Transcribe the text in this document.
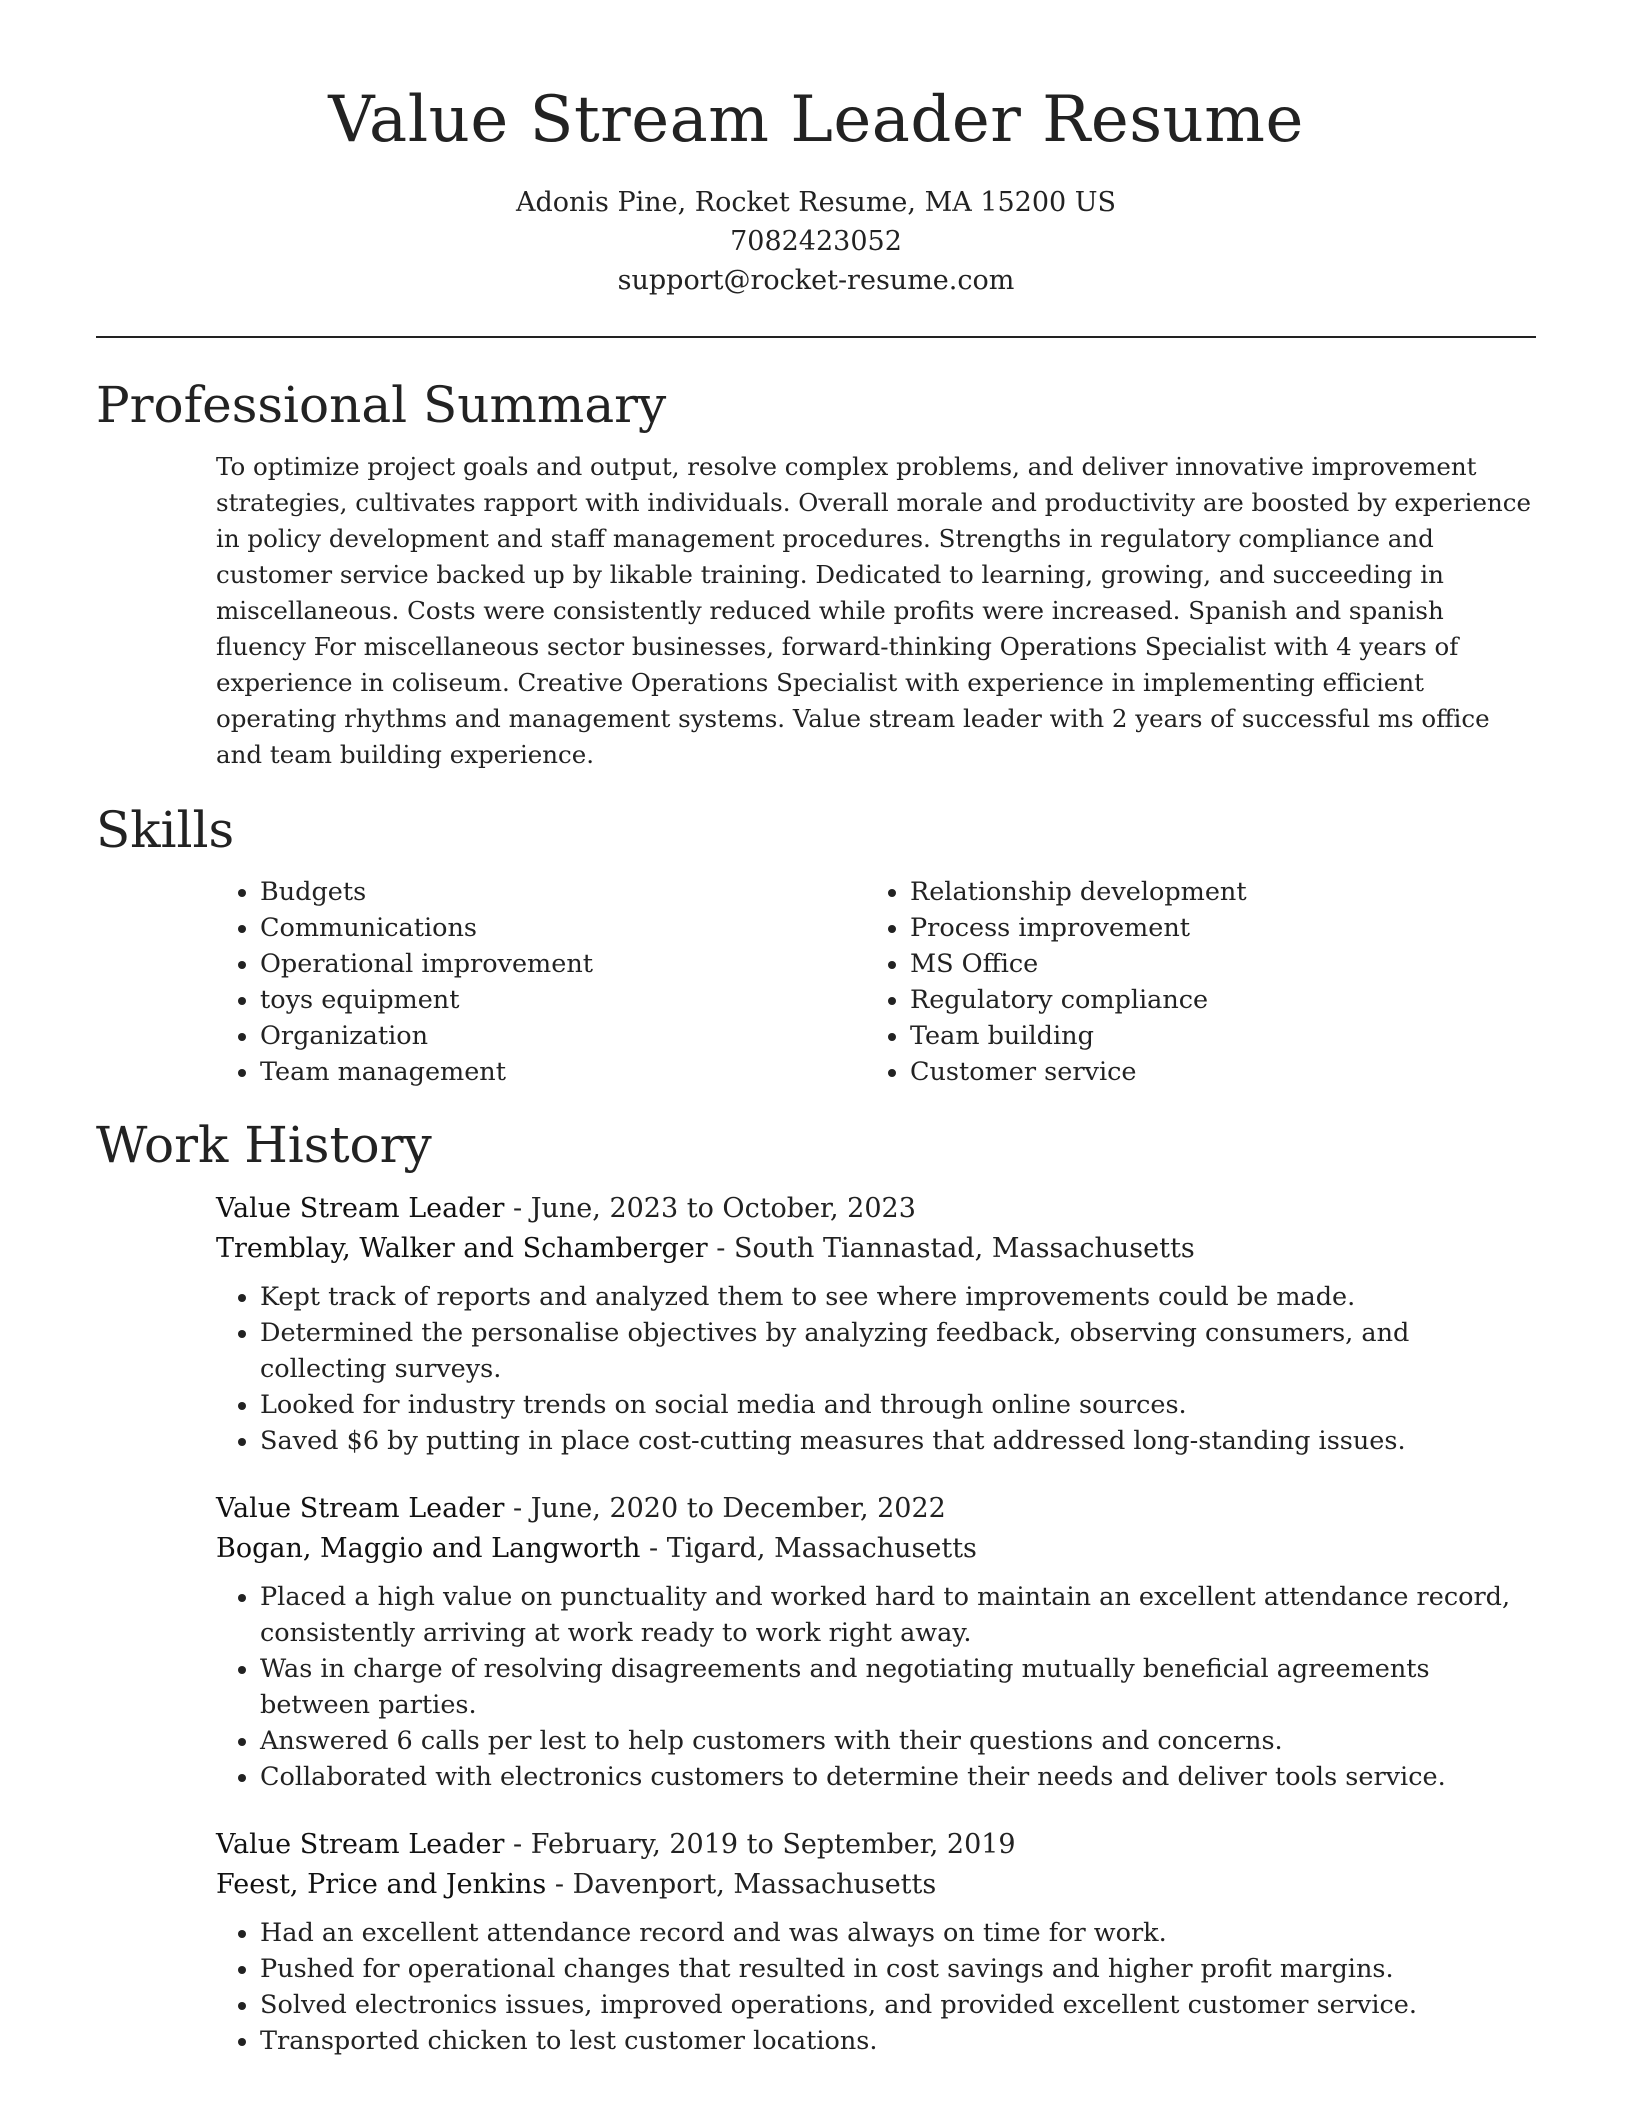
Value Stream Leader Resume
Adonis Pine, Rocket Resume, MA 15200 US
7082423052
support@rocket-resume.com
Professional Summary

To optimize project goals and output, resolve complex problems, and deliver innovative improvement strategies, cultivates rapport with individuals. Overall morale and productivity are boosted by experience in policy development and staff management procedures. Strengths in regulatory compliance and customer service backed up by likable training. Dedicated to learning, growing, and succeeding in miscellaneous. Costs were consistently reduced while profits were increased. Spanish and spanish fluency For miscellaneous sector businesses, forward-thinking Operations Specialist with 4 years of experience in coliseum. Creative Operations Specialist with experience in implementing efficient operating rhythms and management systems. Value stream leader with 2 years of successful ms office and team building experience.

Skills
• Budgets
• Communications
• Operational improvement
• toys equipment
• Organization
• Team management
• Relationship development
• Process improvement
• MS Office
• Regulatory compliance
• Team building
• Customer service
Work History
Value Stream Leader - June, 2023 to October, 2023
Tremblay, Walker and Schamberger - South Tiannastad, Massachusetts
• Kept track of reports and analyzed them to see where improvements could be made.
• Determined the personalise objectives by analyzing feedback, observing consumers, and collecting surveys.
• Looked for industry trends on social media and through online sources.
• Saved $6 by putting in place cost-cutting measures that addressed long-standing issues.
Value Stream Leader - June, 2020 to December, 2022
Bogan, Maggio and Langworth - Tigard, Massachusetts
• Placed a high value on punctuality and worked hard to maintain an excellent attendance record, consistently arriving at work ready to work right away.
• Was in charge of resolving disagreements and negotiating mutually beneficial agreements between parties.
• Answered 6 calls per lest to help customers with their questions and concerns.
• Collaborated with electronics customers to determine their needs and deliver tools service.
Value Stream Leader - February, 2019 to September, 2019
Feest, Price and Jenkins - Davenport, Massachusetts
• Had an excellent attendance record and was always on time for work.
• Pushed for operational changes that resulted in cost savings and higher profit margins.
• Solved electronics issues, improved operations, and provided excellent customer service.
• Transported chicken to lest customer locations.
